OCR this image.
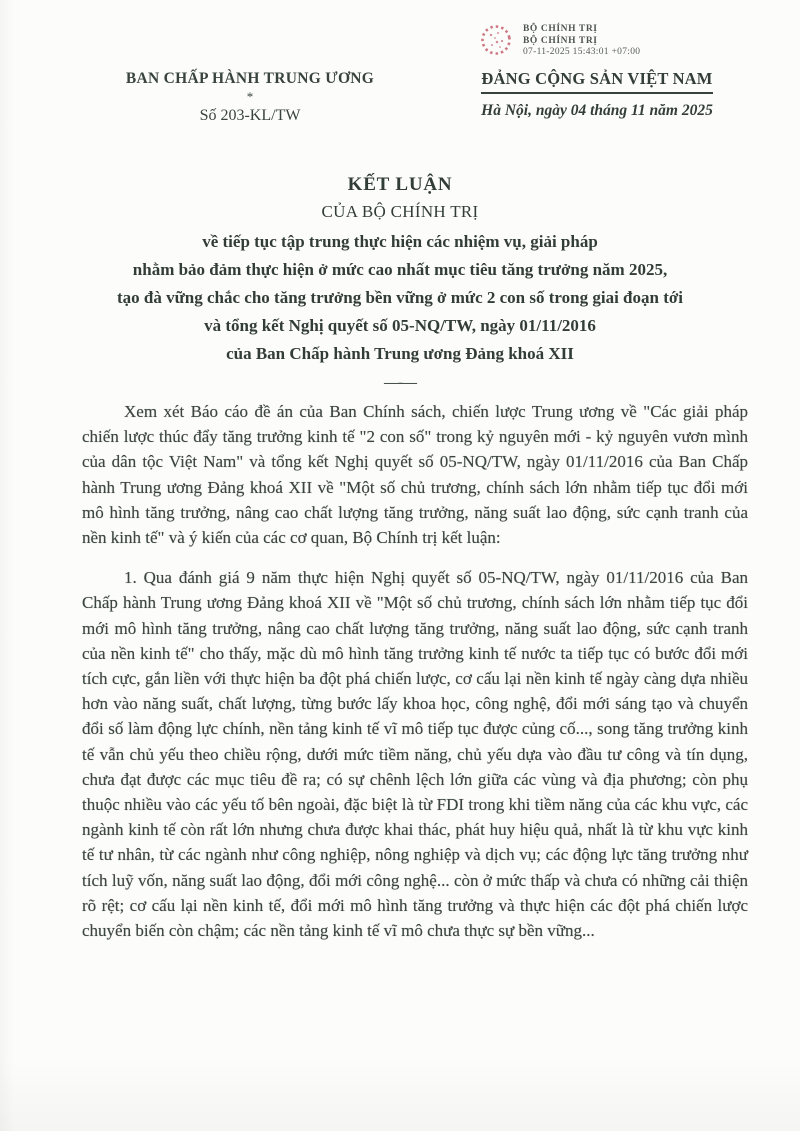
BỘ CHÍNH TRỊ
BỘ CHÍNH TRỊ
07-11-2025 15:43:01 +07:00
BAN CHẤP HÀNH TRUNG ƯƠNG
*
Số 203-KL/TW
ĐẢNG CỘNG SẢN VIỆT NAM
Hà Nội, ngày 04 tháng 11 năm 2025
KẾT LUẬN
CỦA BỘ CHÍNH TRỊ
về tiếp tục tập trung thực hiện các nhiệm vụ, giải pháp
nhằm bảo đảm thực hiện ở mức cao nhất mục tiêu tăng trưởng năm 2025,
tạo đà vững chắc cho tăng trưởng bền vững ở mức 2 con số trong giai đoạn tới
và tổng kết Nghị quyết số 05-NQ/TW, ngày 01/11/2016
của Ban Chấp hành Trung ương Đảng khoá XII
—-—

Xem xét Báo cáo đề án của Ban Chính sách, chiến lược Trung ương về "Các giải pháp chiến lược thúc đẩy tăng trưởng kinh tế "2 con số" trong kỷ nguyên mới - kỷ nguyên vươn mình của dân tộc Việt Nam" và tổng kết Nghị quyết số 05-NQ/TW, ngày 01/11/2016 của Ban Chấp hành Trung ương Đảng khoá XII về "Một số chủ trương, chính sách lớn nhằm tiếp tục đổi mới mô hình tăng trưởng, nâng cao chất lượng tăng trưởng, năng suất lao động, sức cạnh tranh của nền kinh tế" và ý kiến của các cơ quan, Bộ Chính trị kết luận:

1. Qua đánh giá 9 năm thực hiện Nghị quyết số 05-NQ/TW, ngày 01/11/2016 của Ban Chấp hành Trung ương Đảng khoá XII về "Một số chủ trương, chính sách lớn nhằm tiếp tục đổi mới mô hình tăng trưởng, nâng cao chất lượng tăng trưởng, năng suất lao động, sức cạnh tranh của nền kinh tế" cho thấy, mặc dù mô hình tăng trưởng kinh tế nước ta tiếp tục có bước đổi mới tích cực, gắn liền với thực hiện ba đột phá chiến lược, cơ cấu lại nền kinh tế ngày càng dựa nhiều hơn vào năng suất, chất lượng, từng bước lấy khoa học, công nghệ, đổi mới sáng tạo và chuyển đổi số làm động lực chính, nền tảng kinh tế vĩ mô tiếp tục được củng cố..., song tăng trưởng kinh tế vẫn chủ yếu theo chiều rộng, dưới mức tiềm năng, chủ yếu dựa vào đầu tư công và tín dụng, chưa đạt được các mục tiêu đề ra; có sự chênh lệch lớn giữa các vùng và địa phương; còn phụ thuộc nhiều vào các yếu tố bên ngoài, đặc biệt là từ FDI trong khi tiềm năng của các khu vực, các ngành kinh tế còn rất lớn nhưng chưa được khai thác, phát huy hiệu quả, nhất là từ khu vực kinh tế tư nhân, từ các ngành như công nghiệp, nông nghiệp và dịch vụ; các động lực tăng trưởng như tích luỹ vốn, năng suất lao động, đổi mới công nghệ... còn ở mức thấp và chưa có những cải thiện rõ rệt; cơ cấu lại nền kinh tế, đổi mới mô hình tăng trưởng và thực hiện các đột phá chiến lược chuyển biến còn chậm; các nền tảng kinh tế vĩ mô chưa thực sự bền vững...
